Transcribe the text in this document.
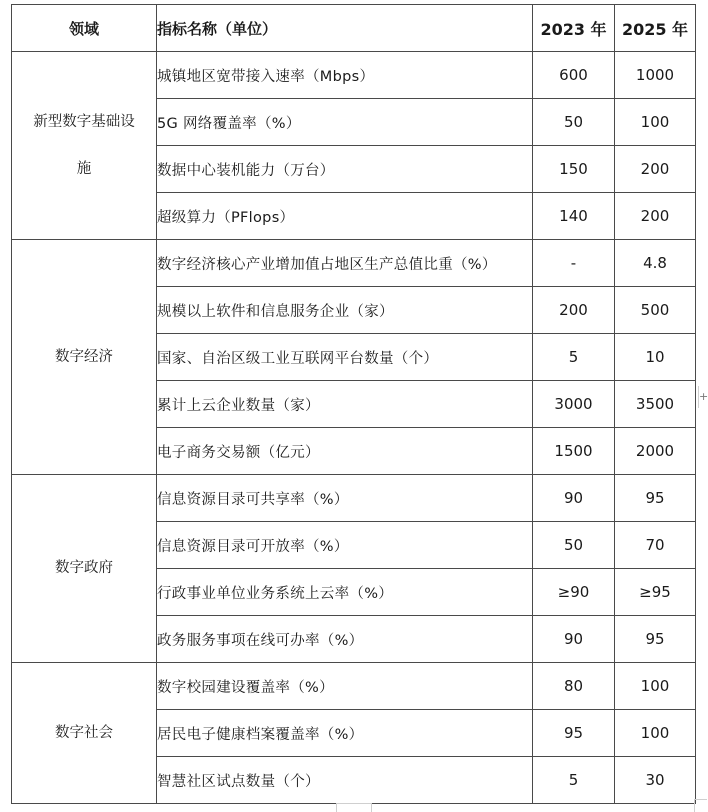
领域	指标名称（单位）	2023 年	2025 年

新型数字基础设
施	城镇地区宽带接入速率（Mbps）	600	1000
	5G 网络覆盖率（%）	50	100
	数据中心装机能力（万台）	150	200
	超级算力（PFlops）	140	200

数字经济	数字经济核心产业增加值占地区生产总值比重（%）	-	4.8
	规模以上软件和信息服务企业（家）	200	500
	国家、自治区级工业互联网平台数量（个）	5	10
	累计上云企业数量（家）	3000	3500
	电子商务交易额（亿元）	1500	2000

数字政府	信息资源目录可共享率（%）	90	95
	信息资源目录可开放率（%）	50	70
	行政事业单位业务系统上云率（%）	≥90	≥95
	政务服务事项在线可办率（%）	90	95

数字社会	数字校园建设覆盖率（%）	80	100
	居民电子健康档案覆盖率（%）	95	100
	智慧社区试点数量（个）	5	30
+
